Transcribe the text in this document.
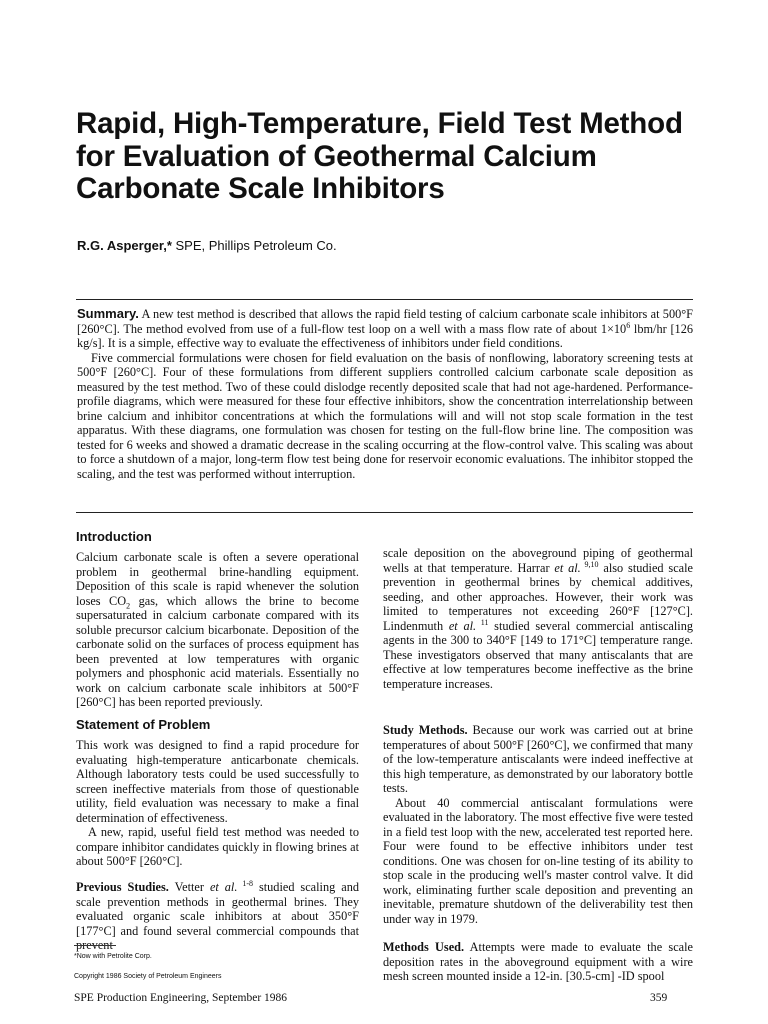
Rapid, High-Temperature, Field Test Method for Evaluation of Geothermal Calcium Carbonate Scale Inhibitors
R.G. Asperger,* SPE, Phillips Petroleum Co.

Summary. A new test method is described that allows the rapid field testing of calcium carbonate scale inhibitors at 500°F [260°C]. The method evolved from use of a full-flow test loop on a well with a mass flow rate of about $1\times 10^6$ lbm/hr [126 kg/s]. It is a simple, effective way to evaluate the effectiveness of inhibitors under field conditions.

Five commercial formulations were chosen for field evaluation on the basis of nonflowing, laboratory screening tests at 500°F [260°C]. Four of these formulations from different suppliers controlled calcium carbonate scale deposition as measured by the test method. Two of these could dislodge recently deposited scale that had not age-hardened. Performance-profile diagrams, which were measured for these four effective inhibitors, show the concentration interrelationship between brine calcium and inhibitor concentrations at which the formulations will and will not stop scale formation in the test apparatus. With these diagrams, one formulation was chosen for testing on the full-flow brine line. The composition was tested for 6 weeks and showed a dramatic decrease in the scaling occurring at the flow-control valve. This scaling was about to force a shutdown of a major, long-term flow test being done for reservoir economic evaluations. The inhibitor stopped the scaling, and the test was performed without interruption.

Introduction

Calcium carbonate scale is often a severe operational problem in geothermal brine-handling equipment. Deposition of this scale is rapid whenever the solution loses $CO_2$ gas, which allows the brine to become supersaturated in calcium carbonate compared with its soluble precursor calcium bicarbonate. Deposition of the carbonate solid on the surfaces of process equipment has been prevented at low temperatures with organic polymers and phosphonic acid materials. Essentially no work on calcium carbonate scale inhibitors at 500°F [260°C] has been reported previously.

Statement of Problem

This work was designed to find a rapid procedure for evaluating high-temperature anticarbonate chemicals. Although laboratory tests could be used successfully to screen ineffective materials from those of questionable utility, field evaluation was necessary to make a final determination of effectiveness.

A new, rapid, useful field test method was needed to compare inhibitor candidates quickly in flowing brines at about 500°F [260°C].

Previous Studies. Vetter et al. $^{1-8}$ studied scaling and scale prevention methods in geothermal brines. They evaluated organic scale inhibitors at about 350°F [177°C] and found several commercial compounds that prevent

*Now with Petrolite Corp.
Copyright 1986 Society of Petroleum Engineers

scale deposition on the aboveground piping of geothermal wells at that temperature. Harrar et al. $^{9,10}$ also studied scale prevention in geothermal brines by chemical additives, seeding, and other approaches. However, their work was limited to temperatures not exceeding 260°F [127°C]. Lindenmuth et al. $^{11}$ studied several commercial antiscaling agents in the 300 to 340°F [149 to 171°C] temperature range. These investigators observed that many antiscalants that are effective at low temperatures become ineffective as the brine temperature increases.

Study Methods. Because our work was carried out at brine temperatures of about 500°F [260°C], we confirmed that many of the low-temperature antiscalants were indeed ineffective at this high temperature, as demonstrated by our laboratory bottle tests.

About 40 commercial antiscalant formulations were evaluated in the laboratory. The most effective five were tested in a field test loop with the new, accelerated test reported here. Four were found to be effective inhibitors under test conditions. One was chosen for on-line testing of its ability to stop scale in the producing well's master control valve. It did work, eliminating further scale deposition and preventing an inevitable, premature shutdown of the deliverability test then under way in 1979.

Methods Used. Attempts were made to evaluate the scale deposition rates in the aboveground equipment with a wire mesh screen mounted inside a 12-in. [30.5-cm] -ID spool

SPE Production Engineering, September 1986	359
